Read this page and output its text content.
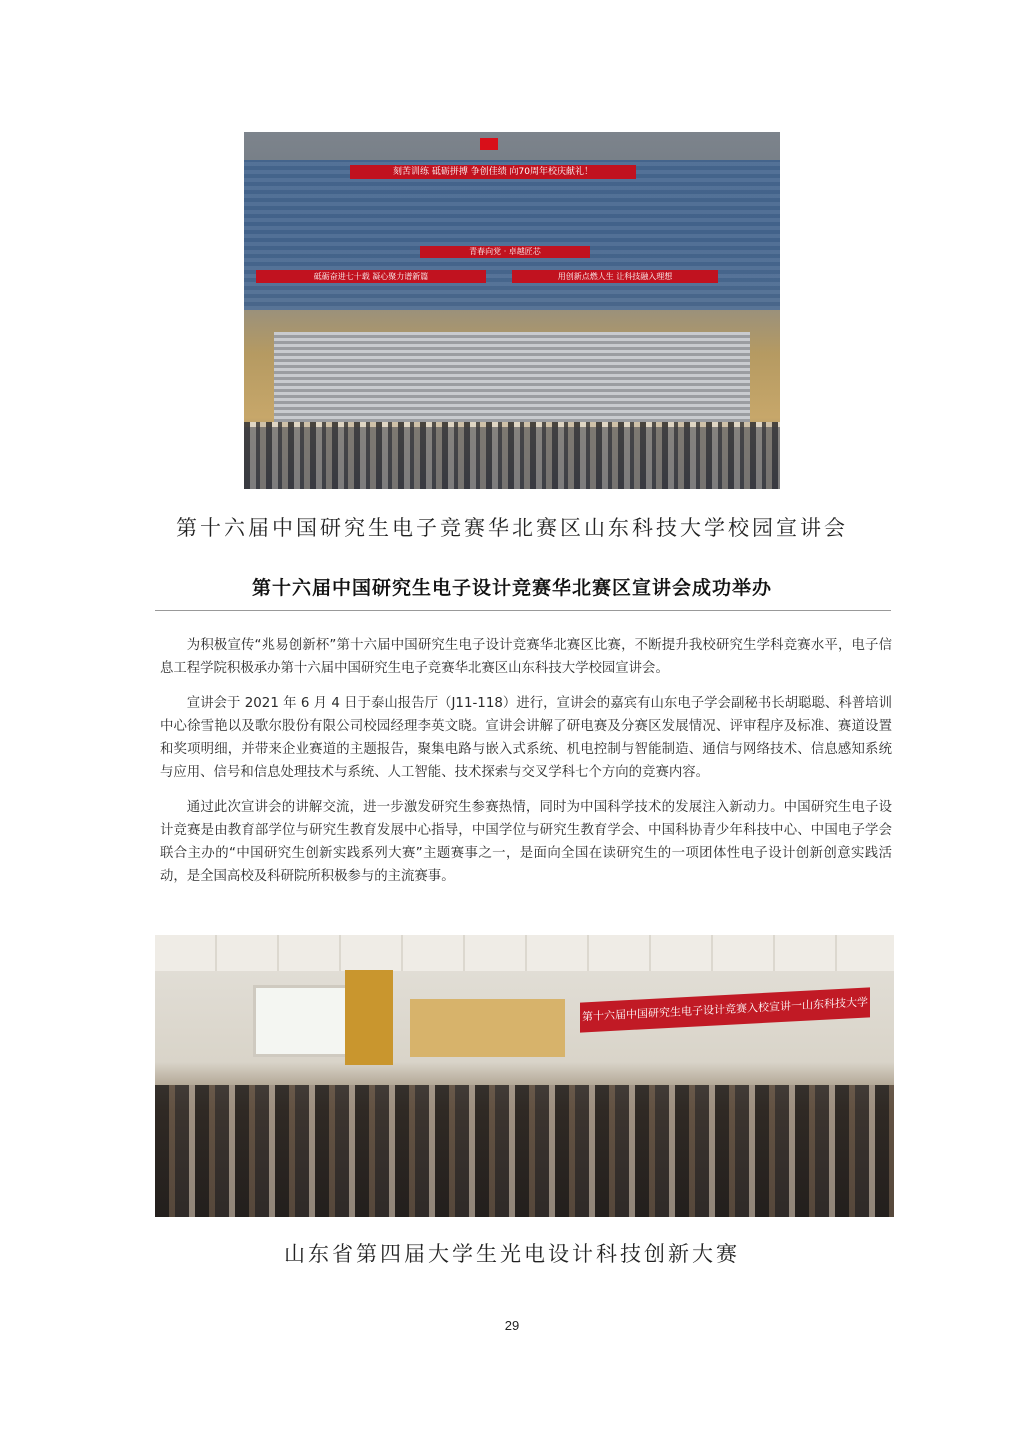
刻苦训练 砥砺拼搏 争创佳绩 向70周年校庆献礼！
青春向党 · 卓越匠芯
砥砺奋进七十载 凝心聚力谱新篇	用创新点燃人生 让科技融入理想
第十六届中国研究生电子竞赛华北赛区山东科技大学校园宣讲会
第十六届中国研究生电子设计竞赛华北赛区宣讲会成功举办

为积极宣传“兆易创新杯”第十六届中国研究生电子设计竞赛华北赛区比赛，不断提升我校研究生学科竞赛水平，电子信息工程学院积极承办第十六届中国研究生电子竞赛华北赛区山东科技大学校园宣讲会。

宣讲会于 2021 年 6 月 4 日于泰山报告厅（J11-118）进行，宣讲会的嘉宾有山东电子学会副秘书长胡聪聪、科普培训中心徐雪艳以及歌尔股份有限公司校园经理李英文晓。宣讲会讲解了研电赛及分赛区发展情况、评审程序及标准、赛道设置和奖项明细，并带来企业赛道的主题报告，聚集电路与嵌入式系统、机电控制与智能制造、通信与网络技术、信息感知系统与应用、信号和信息处理技术与系统、人工智能、技术探索与交叉学科七个方向的竞赛内容。

通过此次宣讲会的讲解交流，进一步激发研究生参赛热情，同时为中国科学技术的发展注入新动力。中国研究生电子设计竞赛是由教育部学位与研究生教育发展中心指导，中国学位与研究生教育学会、中国科协青少年科技中心、中国电子学会联合主办的“中国研究生创新实践系列大赛”主题赛事之一，是面向全国在读研究生的一项团体性电子设计创新创意实践活动，是全国高校及科研院所积极参与的主流赛事。

第十六届中国研究生电子设计竞赛入校宣讲一山东科技大学
山东省第四届大学生光电设计科技创新大赛
29
